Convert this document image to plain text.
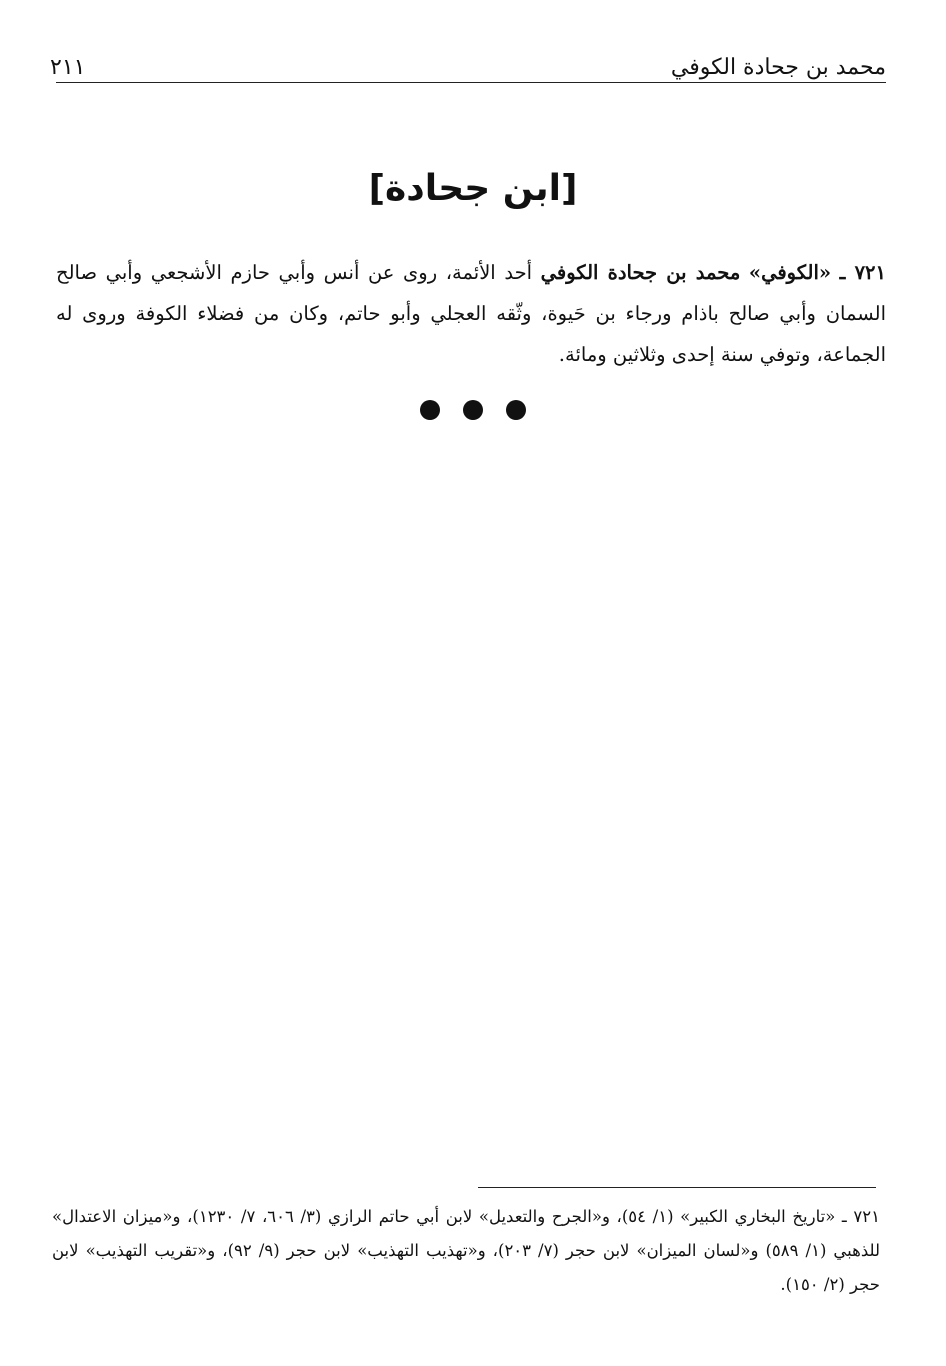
محمد بن جحادة الكوفي
٢١١
[ابن جحادة]
٧٢١ ـ «الكوفي» محمد بن جحادة الكوفي أحد الأئمة، روى عن أنس وأبي حازم الأشجعي وأبي صالح السمان وأبي صالح باذام ورجاء بن حَيوة، وثّقه العجلي وأبو حاتم، وكان من فضلاء الكوفة وروى له الجماعة، وتوفي سنة إحدى وثلاثين ومائة.
٧٢١ ـ «تاريخ البخاري الكبير» (١/ ٥٤)، و«الجرح والتعديل» لابن أبي حاتم الرازي (٣/ ٦٠٦، ٧/ ١٢٣٠)، و«ميزان الاعتدال» للذهبي (١/ ٥٨٩) و«لسان الميزان» لابن حجر (٧/ ٢٠٣)، و«تهذيب التهذيب» لابن حجر (٩/ ٩٢)، و«تقريب التهذيب» لابن حجر (٢/ ١٥٠).
